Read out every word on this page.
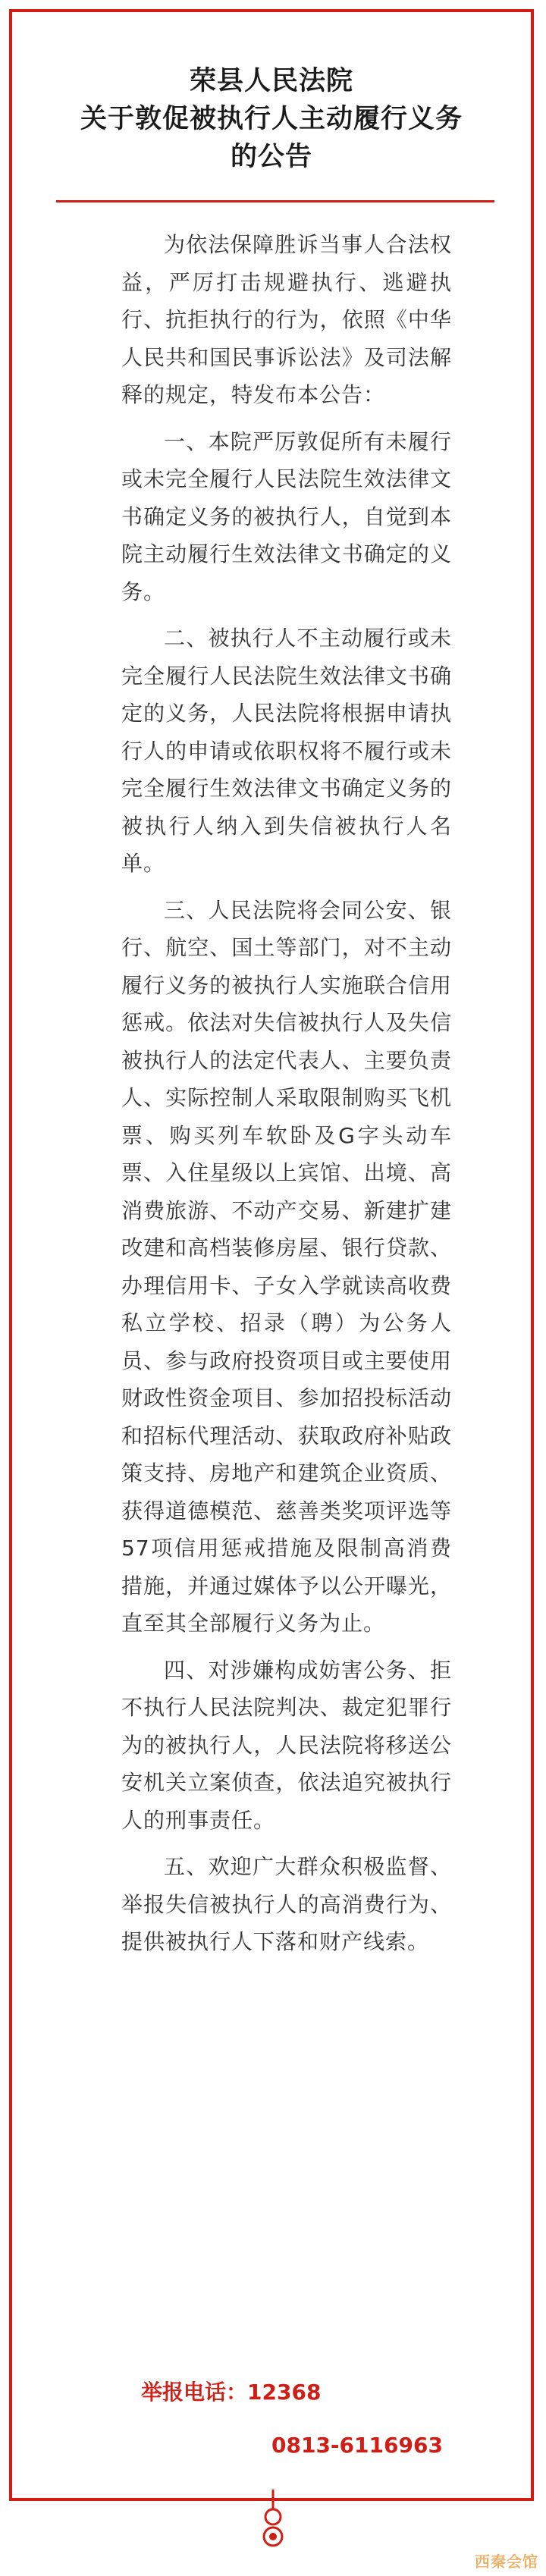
荣县人民法院
关于敦促被执行人主动履行义务
的公告

为依法保障胜诉当事人合法权益，严厉打击规避执行、逃避执行、抗拒执行的行为，依照《中华人民共和国民事诉讼法》及司法解释的规定，特发布本公告：

一、本院严厉敦促所有未履行或未完全履行人民法院生效法律文书确定义务的被执行人，自觉到本院主动履行生效法律文书确定的义务。

二、被执行人不主动履行或未完全履行人民法院生效法律文书确定的义务，人民法院将根据申请执行人的申请或依职权将不履行或未完全履行生效法律文书确定义务的被执行人纳入到失信被执行人名单。

三、人民法院将会同公安、银行、航空、国土等部门，对不主动履行义务的被执行人实施联合信用惩戒。依法对失信被执行人及失信被执行人的法定代表人、主要负责人、实际控制人采取限制购买飞机票、购买列车软卧及G字头动车票、入住星级以上宾馆、出境、高消费旅游、不动产交易、新建扩建改建和高档装修房屋、银行贷款、办理信用卡、子女入学就读高收费私立学校、招录（聘）为公务人员、参与政府投资项目或主要使用财政性资金项目、参加招投标活动和招标代理活动、获取政府补贴政策支持、房地产和建筑企业资质、获得道德模范、慈善类奖项评选等57项信用惩戒措施及限制高消费措施，并通过媒体予以公开曝光，直至其全部履行义务为止。

四、对涉嫌构成妨害公务、拒不执行人民法院判决、裁定犯罪行为的被执行人，人民法院将移送公安机关立案侦查，依法追究被执行人的刑事责任。

五、欢迎广大群众积极监督、举报失信被执行人的高消费行为、提供被执行人下落和财产线索。

举报电话：12368
0813-6116963
西秦会馆
